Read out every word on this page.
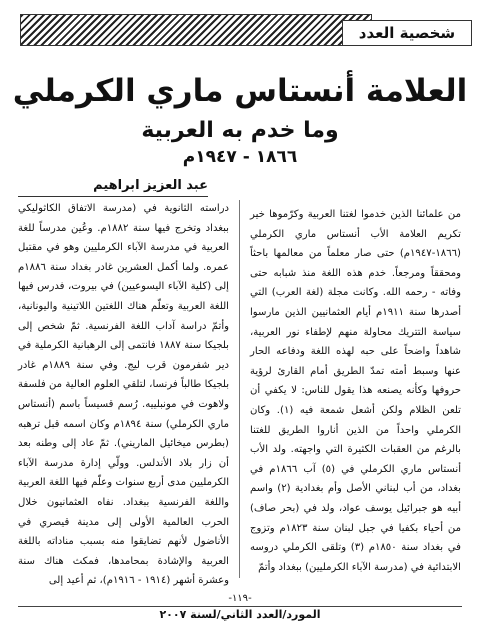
شخصية العدد
العلامة أنستاس ماري الكرملي
وما خدم به العربية
١٨٦٦ - ١٩٤٧م
عبد العزيز ابراهيم
من علمائنا الذين خدموا لغتنا العربية وكرّموها خير تكريم العلامة الأب أنستاس ماري الكرملي (١٨٦٦-١٩٤٧م) حتى صار معلماً من معالمها باحثاً ومحققاً ومرجعاً. خدم هذه اللغة منذ شبابه حتى وفاته - رحمه الله. وكانت مجلة (لغة العرب) التي أصدرها سنة ١٩١١م أيام العثمانيين الذين مارسوا سياسة التتريك محاولة منهم لإطفاء نور العربية، شاهداً واضحاً على حبه لهذه اللغة ودفاعه الحار عنها وسبط أمته تمدّ الطريق أمام القارئ لرؤية حروفها وكأنه يصنعه هذا يقول للناس: لا يكفي أن تلعن الظلام ولكن أشعل شمعة فيه (١). وكان الكرملي واحداً من الذين أناروا الطريق للغتنا بالرغم من العقبات الكثيرة التي واجهته. ولد الأب أنستاس ماري الكرملي في (٥) آب ١٨٦٦م في بغداد، من أب لبناني الأصل وأم بغدادية (٢) واسم أبيه هو جبرائيل يوسف عواد، ولد في (بحر صاف) من أحياء بكفيا في جبل لبنان سنة ١٨٢٣م وتزوج في بغداد سنة ١٨٥٠م (٣) وتلقى الكرملي دروسه الابتدائية في (مدرسة الآباء الكرمليين) ببغداد وأتمّ
دراسته الثانوية في (مدرسة الاتفاق الكاثوليكي ببغداد وتخرج فيها سنة ١٨٨٢م. وعُين مدرساً للغة العربية في مدرسة الآباء الكرمليين وهو في مقتبل عمره. ولما أكمل العشرين غادر بغداد سنة ١٨٨٦م إلى (كلية الآباء اليسوعيين) في بيروت، فدرس فيها اللغة العربية وتعلّم هناك اللغتين اللاتينية واليونانية، وأتمّ دراسة آداب اللغة الفرنسية. ثمّ شخص إلى بلجيكا سنة ١٨٨٧ فانتمى إلى الرهبانية الكرملية في دير شفرمون قرب ليج. وفي سنة ١٨٨٩م غادر بلجيكا طالباً فرنسا، لتلقي العلوم العالية من فلسفة ولاهوت في مونبلييه. رُسم قسيساً باسم (أنستاس ماري الكرملي) سنة ١٨٩٤م وكان اسمه قبل ترهبه (بطرس ميخائيل الماريني). ثمّ عاد إلى وطنه بعد أن زار بلاد الأندلس. وولّي إدارة مدرسة الآباء الكرمليين مدى أربع سنوات وعلّم فيها اللغة العربية واللغة الفرنسية ببغداد. نفاه العثمانيون خلال الحرب العالمية الأولى إلى مدينة قيصري في الأناضول لأنهم تضايقوا منه بسبب مناداته باللغة العربية والإشادة بمحامدها، فمكث هناك سنة وعشرة أشهر (١٩١٤ - ١٩١٦م)، ثم أعيد إلى
-١١٩-
المورد/العدد الثاني/لسنة ٢٠٠٧
